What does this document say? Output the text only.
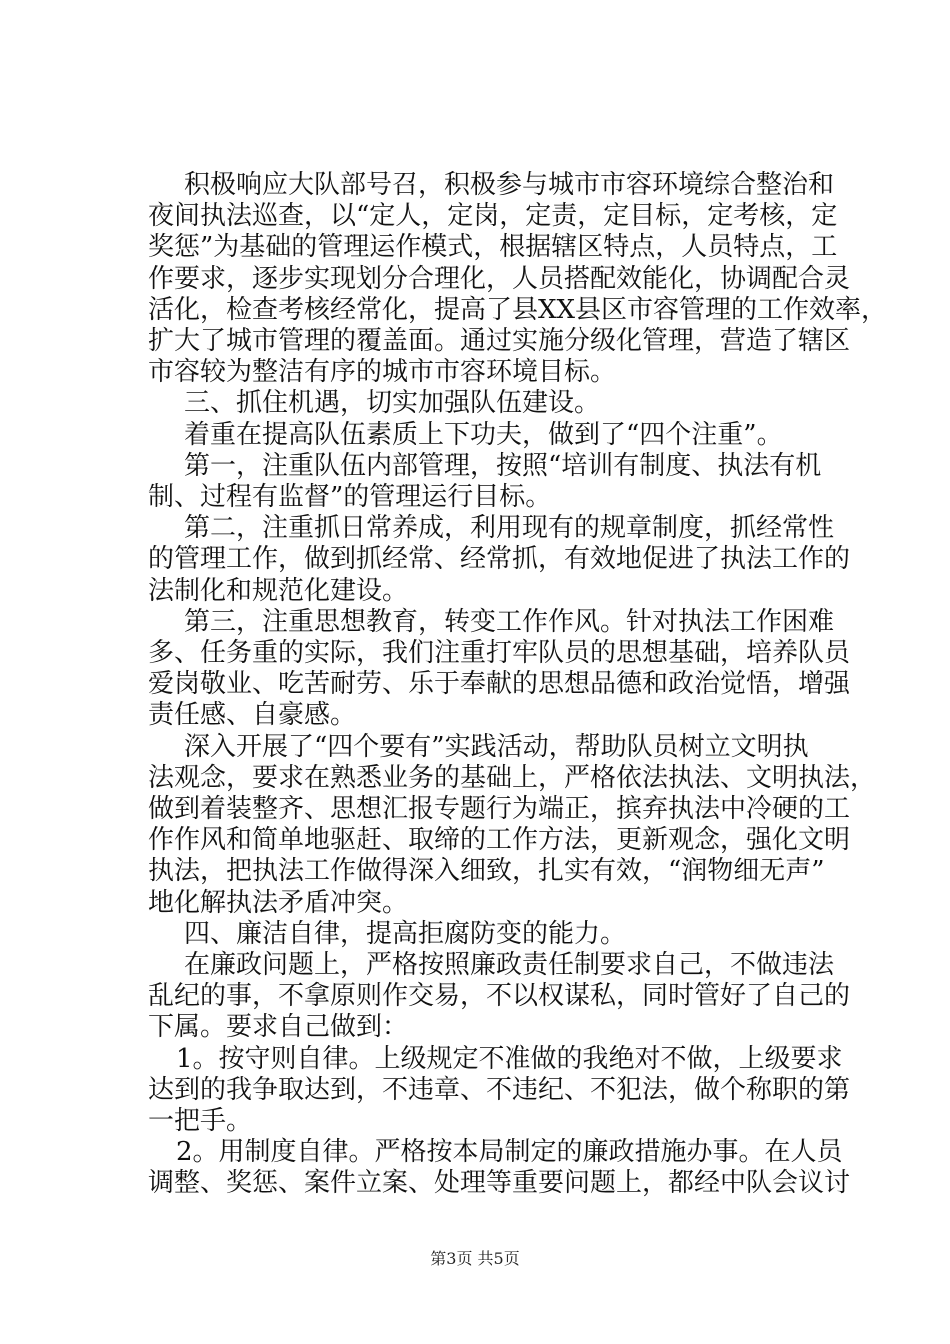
积极响应大队部号召，积极参与城市市容环境综合整治和
夜间执法巡查，以“定人，定岗，定责，定目标，定考核，定
奖惩”为基础的管理运作模式，根据辖区特点，人员特点，工
作要求，逐步实现划分合理化，人员搭配效能化，协调配合灵
活化，检查考核经常化，提高了县XX县区市容管理的工作效率，
扩大了城市管理的覆盖面。通过实施分级化管理，营造了辖区
市容较为整洁有序的城市市容环境目标。
三、抓住机遇，切实加强队伍建设。
着重在提高队伍素质上下功夫，做到了“四个注重”。
第一，注重队伍内部管理，按照“培训有制度、执法有机
制、过程有监督”的管理运行目标。
第二，注重抓日常养成，利用现有的规章制度，抓经常性
的管理工作，做到抓经常、经常抓，有效地促进了执法工作的
法制化和规范化建设。
第三，注重思想教育，转变工作作风。针对执法工作困难
多、任务重的实际，我们注重打牢队员的思想基础，培养队员
爱岗敬业、吃苦耐劳、乐于奉献的思想品德和政治觉悟，增强
责任感、自豪感。
深入开展了“四个要有”实践活动，帮助队员树立文明执
法观念，要求在熟悉业务的基础上，严格依法执法、文明执法，
做到着装整齐、思想汇报专题行为端正，摈弃执法中冷硬的工
作作风和简单地驱赶、取缔的工作方法，更新观念，强化文明
执法，把执法工作做得深入细致，扎实有效，“润物细无声”
地化解执法矛盾冲突。
四、廉洁自律，提高拒腐防变的能力。
在廉政问题上，严格按照廉政责任制要求自己，不做违法
乱纪的事，不拿原则作交易，不以权谋私，同时管好了自己的
下属。要求自己做到：
1。按守则自律。上级规定不准做的我绝对不做，上级要求
达到的我争取达到，不违章、不违纪、不犯法，做个称职的第
一把手。
2。用制度自律。严格按本局制定的廉政措施办事。在人员
调整、奖惩、案件立案、处理等重要问题上，都经中队会议讨
第3页 共5页
